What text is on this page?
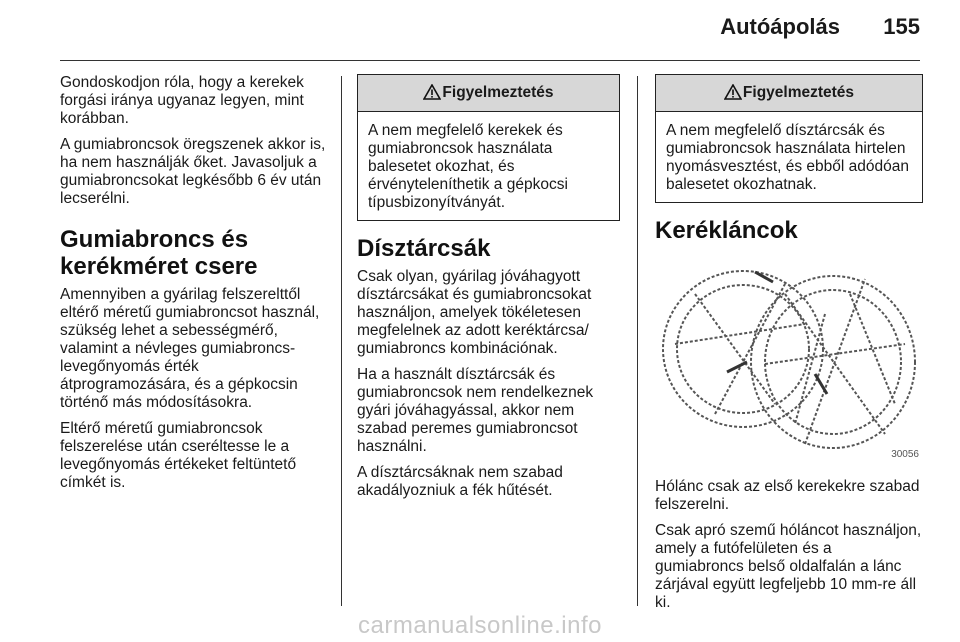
Autóápolás 155

Gondoskodjon róla, hogy a kerekek forgási iránya ugyanaz legyen, mint korábban.

A gumiabroncsok öregszenek akkor is, ha nem használják őket. Javasoljuk a gumiabroncsokat legkésőbb 6 év után lecserélni.

Gumiabroncs és kerékméret csere

Amennyiben a gyárilag felszerelttől eltérő méretű gumiabroncsot használ, szükség lehet a sebességmérő, valamint a névleges gumiabroncs-levegőnyomás érték átprogramozására, és a gépkocsin történő más módosításokra.

Eltérő méretű gumiabroncsok felszerelése után cseréltesse le a levegőnyomás értékeket feltüntető címkét is.

Figyelmeztetés
A nem megfelelő kerekek és gumiabroncsok használata balesetet okozhat, és érvényteleníthetik a gépkocsi típusbizonyítványát.
Dísztárcsák

Csak olyan, gyárilag jóváhagyott dísztárcsákat és gumiabroncsokat használjon, amelyek tökéletesen megfelelnek az adott keréktárcsa/ gumiabroncs kombinációnak.

Ha a használt dísztárcsák és gumiabroncsok nem rendelkeznek gyári jóváhagyással, akkor nem szabad peremes gumiabroncsot használni.

A dísztárcsáknak nem szabad akadályozniuk a fék hűtését.

Figyelmeztetés
A nem megfelelő dísztárcsák és gumiabroncsok használata hirtelen nyomásvesztést, és ebből adódóan balesetet okozhatnak.
Kerékláncok
30056

Hólánc csak az első kerekekre szabad felszerelni.

Csak apró szemű hóláncot használjon, amely a futófelületen és a gumiabroncs belső oldalfalán a lánc zárjával együtt legfeljebb 10 mm-re áll ki.

carmanualsonline.info
